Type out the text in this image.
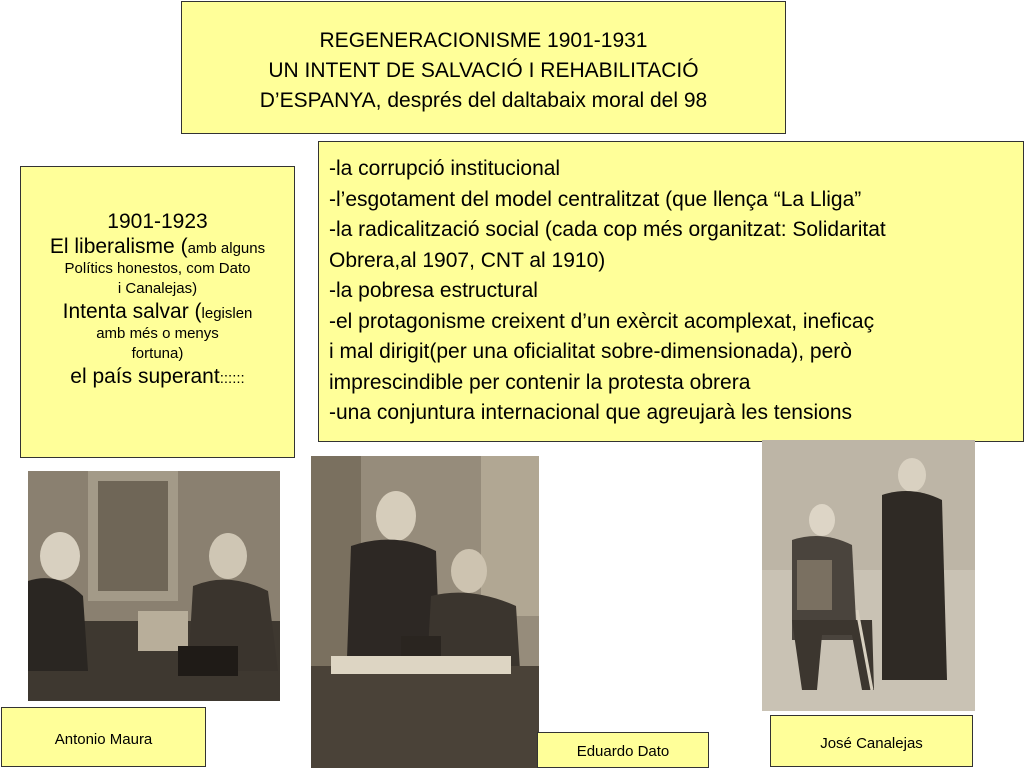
REGENERACIONISME 1901-1931
UN INTENT DE SALVACIÓ I REHABILITACIÓ
D’ESPANYA, després del daltabaix moral del 98
1901-1923
El liberalisme (amb alguns
Polítics honestos, com Dato
i Canalejas)
Intenta salvar (legislen
amb més o menys
fortuna)
el país superant::::::
-la corrupció institucional
-l’esgotament del model centralitzat (que llença “La Lliga”
-la radicalització social (cada cop més organitzat: Solidaritat
Obrera,al 1907, CNT al 1910)
-la pobresa estructural
-el protagonisme creixent d’un exèrcit acomplexat, ineficaç
i mal dirigit(per una oficialitat sobre-dimensionada), però
imprescindible per contenir la protesta obrera
-una conjuntura internacional que agreujarà les tensions
Antonio Maura
Eduardo Dato	José Canalejas
